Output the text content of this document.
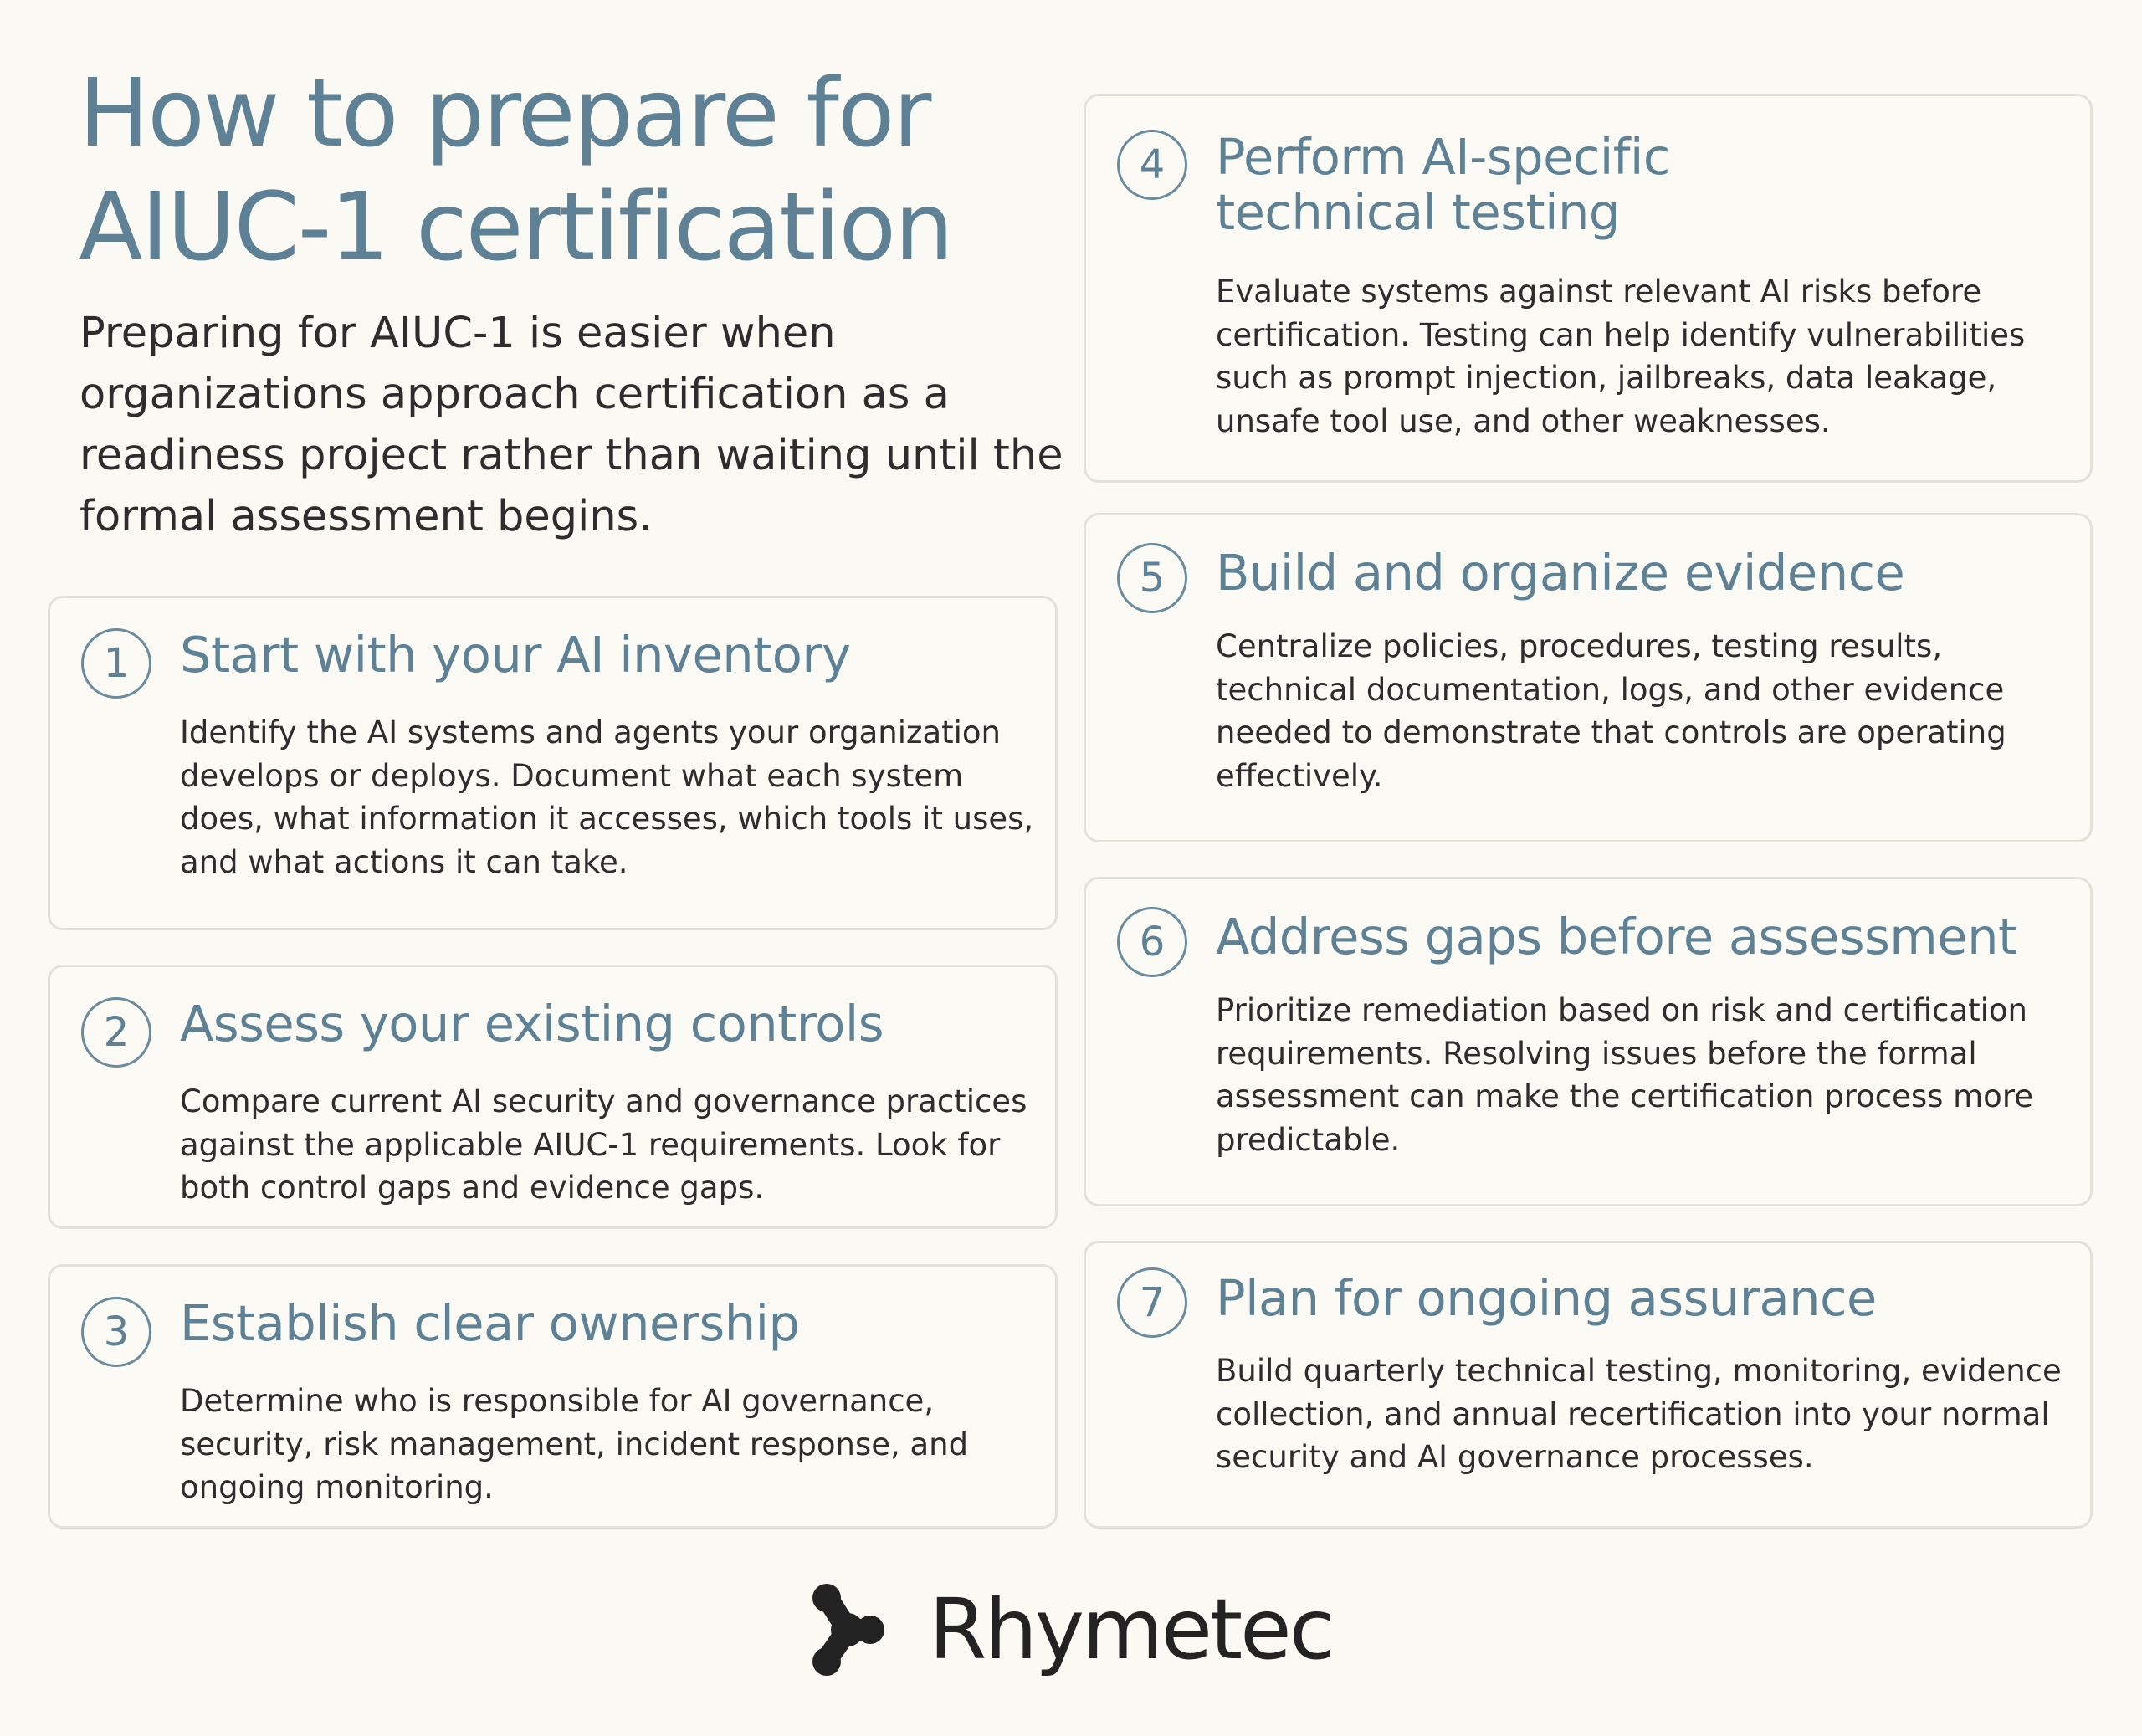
How to prepare for AIUC-1 certification

Preparing for AIUC-1 is easier when organizations approach certification as a readiness project rather than waiting until the formal assessment begins.

1	Start with your AI inventory

Identify the AI systems and agents your organization develops or deploys. Document what each system does, what information it accesses, which tools it uses, and what actions it can take.

2	Assess your existing controls

Compare current AI security and governance practices against the applicable AIUC-1 requirements. Look for both control gaps and evidence gaps.

3	Establish clear ownership

Determine who is responsible for AI governance, security, risk management, incident response, and ongoing monitoring.

4	Perform AI-specific technical testing

Evaluate systems against relevant AI risks before certification. Testing can help identify vulnerabilities such as prompt injection, jailbreaks, data leakage, unsafe tool use, and other weaknesses.

5	Build and organize evidence

Centralize policies, procedures, testing results, technical documentation, logs, and other evidence needed to demonstrate that controls are operating effectively.

6	Address gaps before assessment

Prioritize remediation based on risk and certification requirements. Resolving issues before the formal assessment can make the certification process more predictable.

7	Plan for ongoing assurance

Build quarterly technical testing, monitoring, evidence collection, and annual recertification into your normal security and AI governance processes.

Rhymetec
